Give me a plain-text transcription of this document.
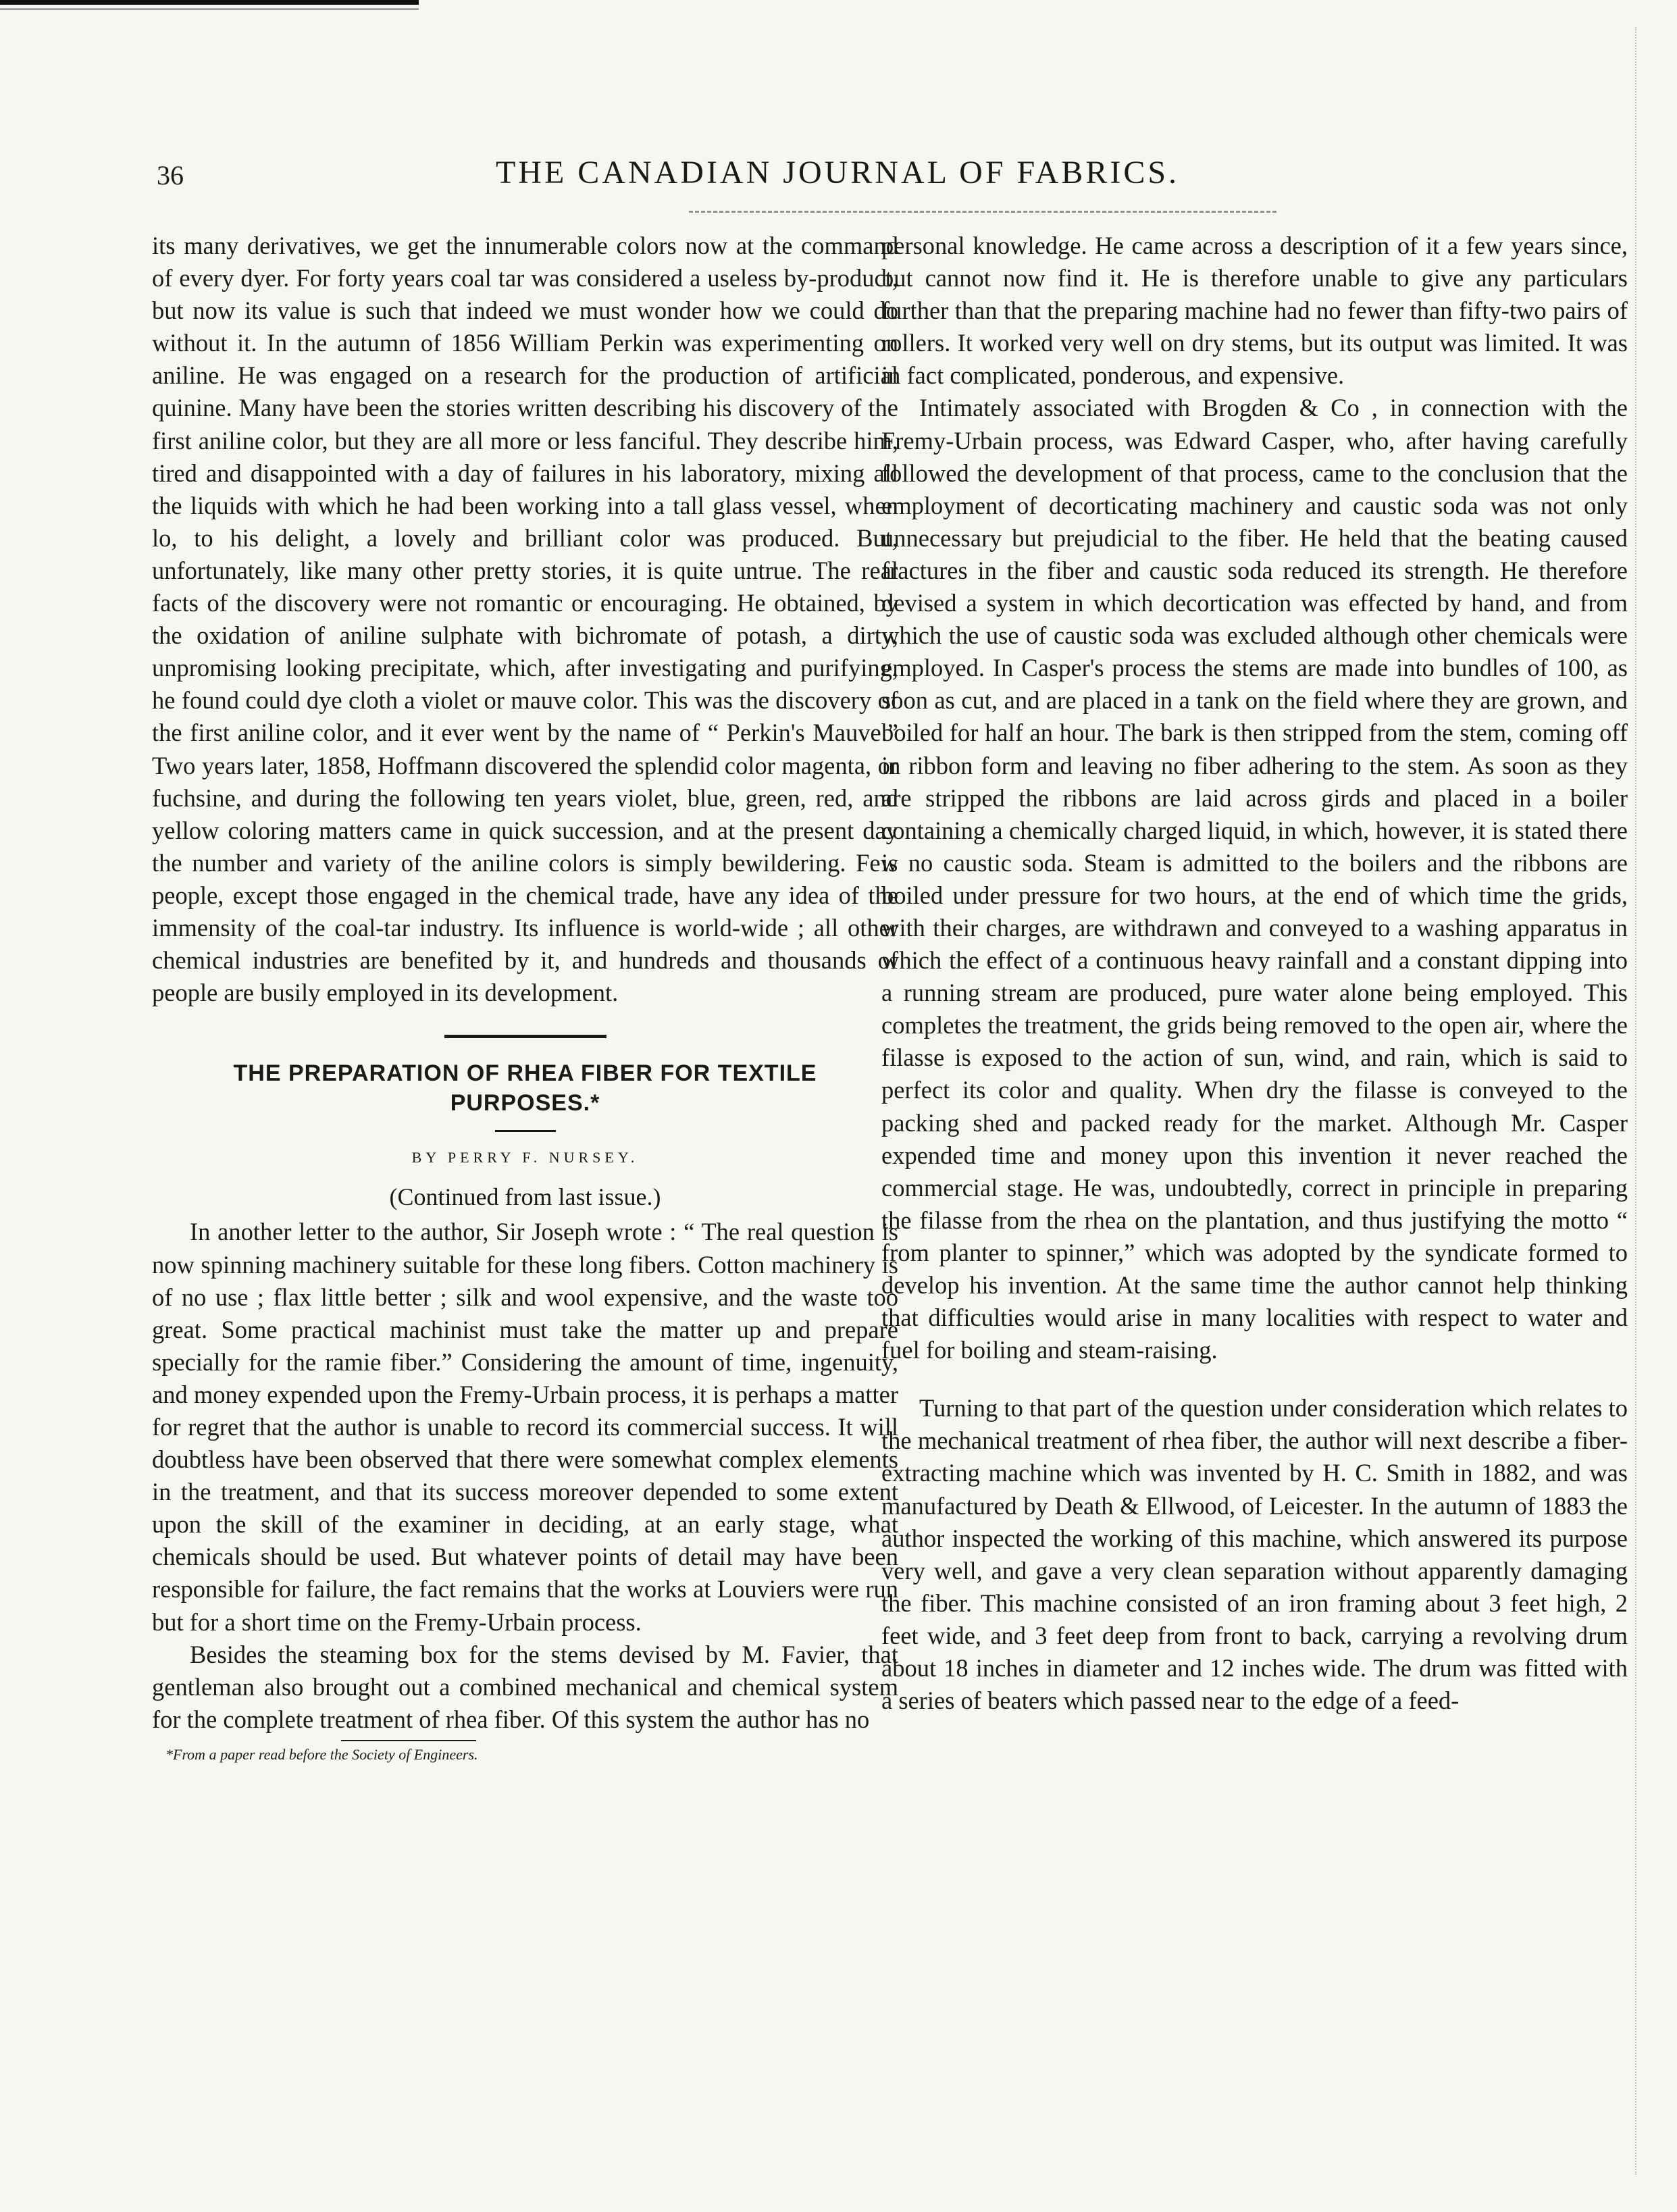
36	THE CANADIAN JOURNAL OF FABRICS.

its many derivatives, we get the innumerable colors now at the command of every dyer. For forty years coal tar was considered a useless by-product, but now its value is such that indeed we must wonder how we could do without it. In the autumn of 1856 William Perkin was experimenting on aniline. He was engaged on a research for the production of artificial quinine. Many have been the stories written describing his discovery of the first aniline color, but they are all more or less fanciful. They describe him, tired and disappointed with a day of failures in his laboratory, mixing all the liquids with which he had been working into a tall glass vessel, when lo, to his delight, a lovely and brilliant color was produced. But, unfortunately, like many other pretty stories, it is quite untrue. The real facts of the discovery were not romantic or encouraging. He obtained, by the oxidation of aniline sulphate with bichromate of potash, a dirty, unpromising looking precipitate, which, after investigating and purifying, he found could dye cloth a violet or mauve color. This was the discovery of the first aniline color, and it ever went by the name of “ Perkin's Mauve.” Two years later, 1858, Hoffmann discovered the splendid color magenta, or fuchsine, and during the following ten years violet, blue, green, red, and yellow coloring matters came in quick succession, and at the present day the number and variety of the aniline colors is simply bewildering. Few people, except those engaged in the chemical trade, have any idea of the immensity of the coal-tar industry. Its influence is world-wide ; all other chemical industries are benefited by it, and hundreds and thousands of people are busily employed in its development.

THE PREPARATION OF RHEA FIBER FOR TEXTILE PURPOSES.*
BY PERRY F. NURSEY.
(Continued from last issue.)

In another letter to the author, Sir Joseph wrote : “ The real question is now spinning machinery suitable for these long fibers. Cotton machinery is of no use ; flax little better ; silk and wool expensive, and the waste too great. Some practical machinist must take the matter up and prepare specially for the ramie fiber.” Considering the amount of time, ingenuity, and money expended upon the Fremy-Urbain process, it is perhaps a matter for regret that the author is unable to record its commercial success. It will doubtless have been observed that there were somewhat complex elements in the treatment, and that its success moreover depended to some extent upon the skill of the examiner in deciding, at an early stage, what chemicals should be used. But whatever points of detail may have been responsible for failure, the fact remains that the works at Louviers were run but for a short time on the Fremy-Urbain process.

Besides the steaming box for the stems devised by M. Favier, that gentleman also brought out a combined mechanical and chemical system for the complete treatment of rhea fiber. Of this system the author has no

*From a paper read before the Society of Engineers.

personal knowledge. He came across a description of it a few years since, but cannot now find it. He is therefore unable to give any particulars further than that the preparing machine had no fewer than fifty-two pairs of rollers. It worked very well on dry stems, but its output was limited. It was in fact complicated, ponderous, and expensive.

Intimately associated with Brogden & Co , in connection with the Fremy-Urbain process, was Edward Casper, who, after having carefully followed the development of that process, came to the conclusion that the employment of decorticating machinery and caustic soda was not only unnecessary but prejudicial to the fiber. He held that the beating caused fractures in the fiber and caustic soda reduced its strength. He therefore devised a system in which decortication was effected by hand, and from which the use of caustic soda was excluded although other chemicals were employed. In Casper's process the stems are made into bundles of 100, as soon as cut, and are placed in a tank on the field where they are grown, and boiled for half an hour. The bark is then stripped from the stem, coming off in ribbon form and leaving no fiber adhering to the stem. As soon as they are stripped the ribbons are laid across girds and placed in a boiler containing a chemically charged liquid, in which, however, it is stated there is no caustic soda. Steam is admitted to the boilers and the ribbons are boiled under pressure for two hours, at the end of which time the grids, with their charges, are withdrawn and conveyed to a washing apparatus in which the effect of a continuous heavy rainfall and a constant dipping into a running stream are produced, pure water alone being employed. This completes the treatment, the grids being removed to the open air, where the filasse is exposed to the action of sun, wind, and rain, which is said to perfect its color and quality. When dry the filasse is conveyed to the packing shed and packed ready for the market. Although Mr. Casper expended time and money upon this invention it never reached the commercial stage. He was, undoubtedly, correct in principle in preparing the filasse from the rhea on the plantation, and thus justifying the motto “ from planter to spinner,” which was adopted by the syndicate formed to develop his invention. At the same time the author cannot help thinking that difficulties would arise in many localities with respect to water and fuel for boiling and steam-raising.

Turning to that part of the question under consideration which relates to the mechanical treatment of rhea fiber, the author will next describe a fiber-extracting machine which was invented by H. C. Smith in 1882, and was manufactured by Death & Ellwood, of Leicester. In the autumn of 1883 the author inspected the working of this machine, which answered its purpose very well, and gave a very clean separation without apparently damaging the fiber. This machine consisted of an iron framing about 3 feet high, 2 feet wide, and 3 feet deep from front to back, carrying a revolving drum about 18 inches in diameter and 12 inches wide. The drum was fitted with a series of beaters which passed near to the edge of a feed-
